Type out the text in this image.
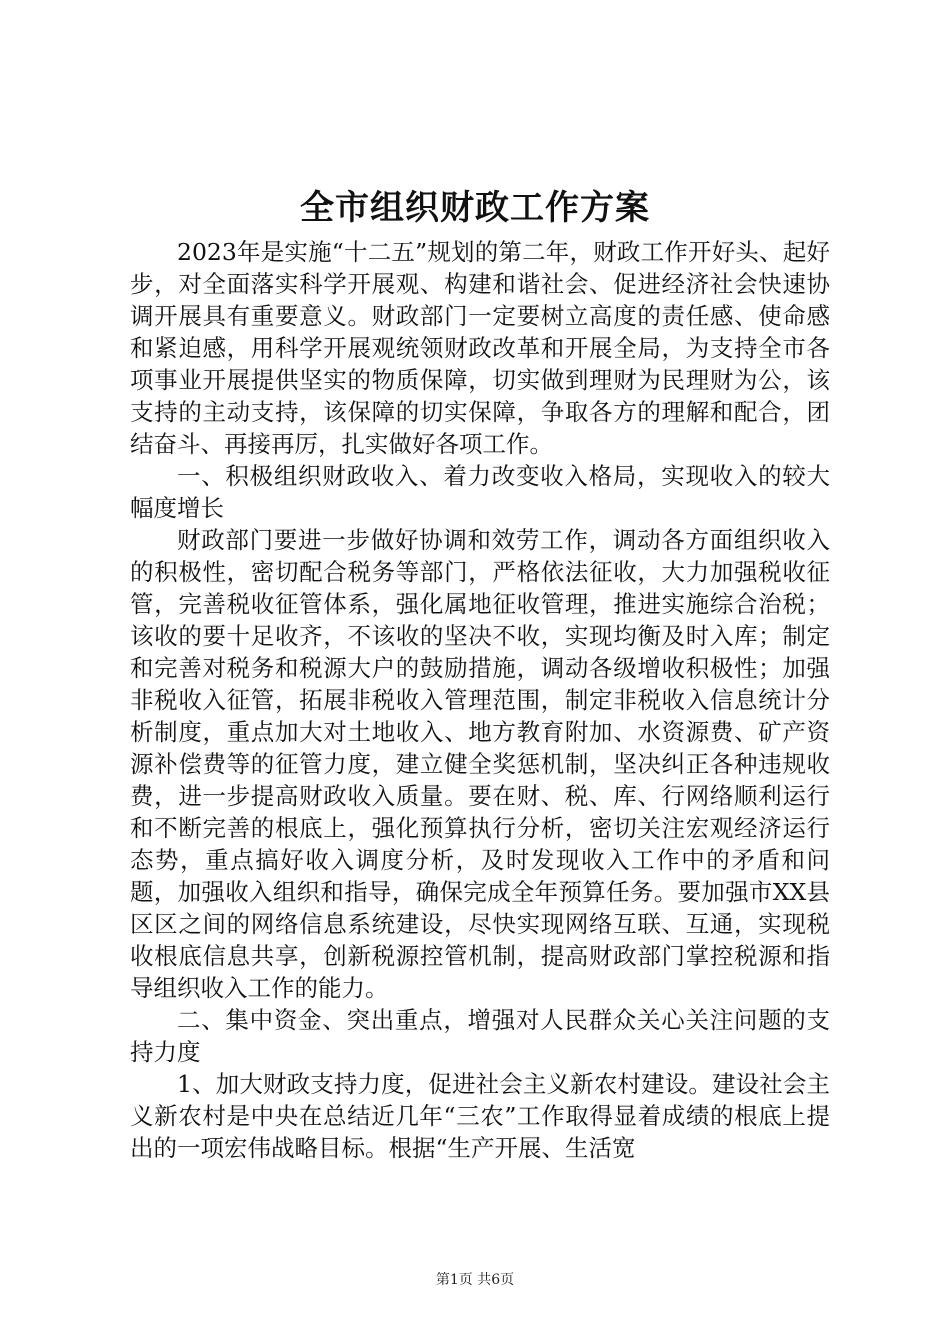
全市组织财政工作方案

2023年是实施“十二五”规划的第二年，财政工作开好头、起好步，对全面落实科学开展观、构建和谐社会、促进经济社会快速协调开展具有重要意义。财政部门一定要树立高度的责任感、使命感和紧迫感，用科学开展观统领财政改革和开展全局，为支持全市各项事业开展提供坚实的物质保障，切实做到理财为民理财为公，该支持的主动支持，该保障的切实保障，争取各方的理解和配合，团结奋斗、再接再厉，扎实做好各项工作。

一、积极组织财政收入、着力改变收入格局，实现收入的较大幅度增长

财政部门要进一步做好协调和效劳工作，调动各方面组织收入的积极性，密切配合税务等部门，严格依法征收，大力加强税收征管，完善税收征管体系，强化属地征收管理，推进实施综合治税；该收的要十足收齐，不该收的坚决不收，实现均衡及时入库；制定和完善对税务和税源大户的鼓励措施，调动各级增收积极性；加强非税收入征管，拓展非税收入管理范围，制定非税收入信息统计分析制度，重点加大对土地收入、地方教育附加、水资源费、矿产资源补偿费等的征管力度，建立健全奖惩机制，坚决纠正各种违规收费，进一步提高财政收入质量。要在财、税、库、行网络顺利运行和不断完善的根底上，强化预算执行分析，密切关注宏观经济运行态势，重点搞好收入调度分析，及时发现收入工作中的矛盾和问题，加强收入组织和指导，确保完成全年预算任务。要加强市XX县区区之间的网络信息系统建设，尽快实现网络互联、互通，实现税收根底信息共享，创新税源控管机制，提高财政部门掌控税源和指导组织收入工作的能力。

二、集中资金、突出重点，增强对人民群众关心关注问题的支持力度

1、加大财政支持力度，促进社会主义新农村建设。建设社会主义新农村是中央在总结近几年“三农”工作取得显着成绩的根底上提出的一项宏伟战略目标。根据“生产开展、生活宽

第1页 共6页
